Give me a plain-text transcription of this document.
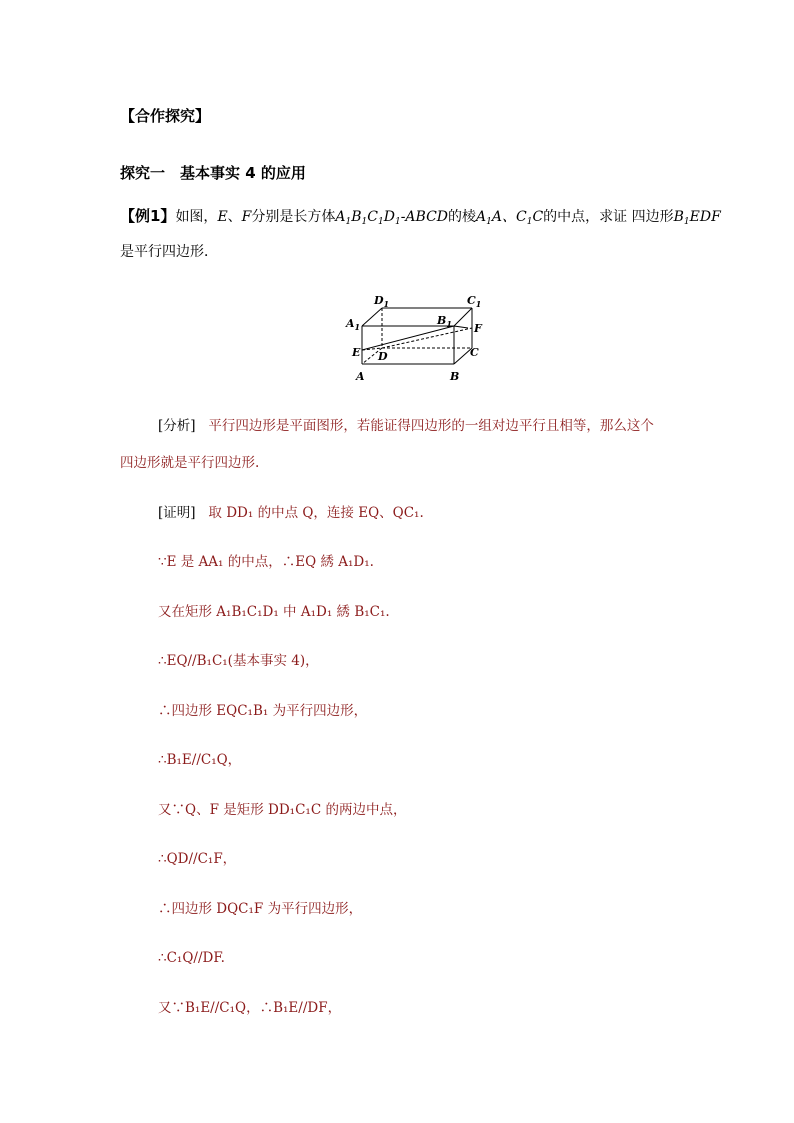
【合作探究】
探究一　基本事实 4 的应用
【例1】如图，E、F分别是长方体$A_1B_1C_1D_1$-ABCD的棱$A_1A$、$C_1C$的中点，求证 四边形$B_1EDF$
是平行四边形．
$D_1$	$C_1$
$A_1$	$B_1$ F
E D	C
A	B
[分析] 平行四边形是平面图形，若能证得四边形的一组对边平行且相等，那么这个
四边形就是平行四边形.
[证明] 取 DD₁ 的中点 Q，连接 EQ、QC₁.
∵E 是 AA₁ 的中点，∴EQ 綉 A₁D₁.
又在矩形 A₁B₁C₁D₁ 中 A₁D₁ 綉 B₁C₁.
∴EQ//B₁C₁(基本事实 4)，
∴四边形 EQC₁B₁ 为平行四边形，
∴B₁E//C₁Q，
又∵Q、F 是矩形 DD₁C₁C 的两边中点，
∴QD//C₁F，
∴四边形 DQC₁F 为平行四边形，
∴C₁Q//DF.
又∵B₁E//C₁Q，∴B₁E//DF，
